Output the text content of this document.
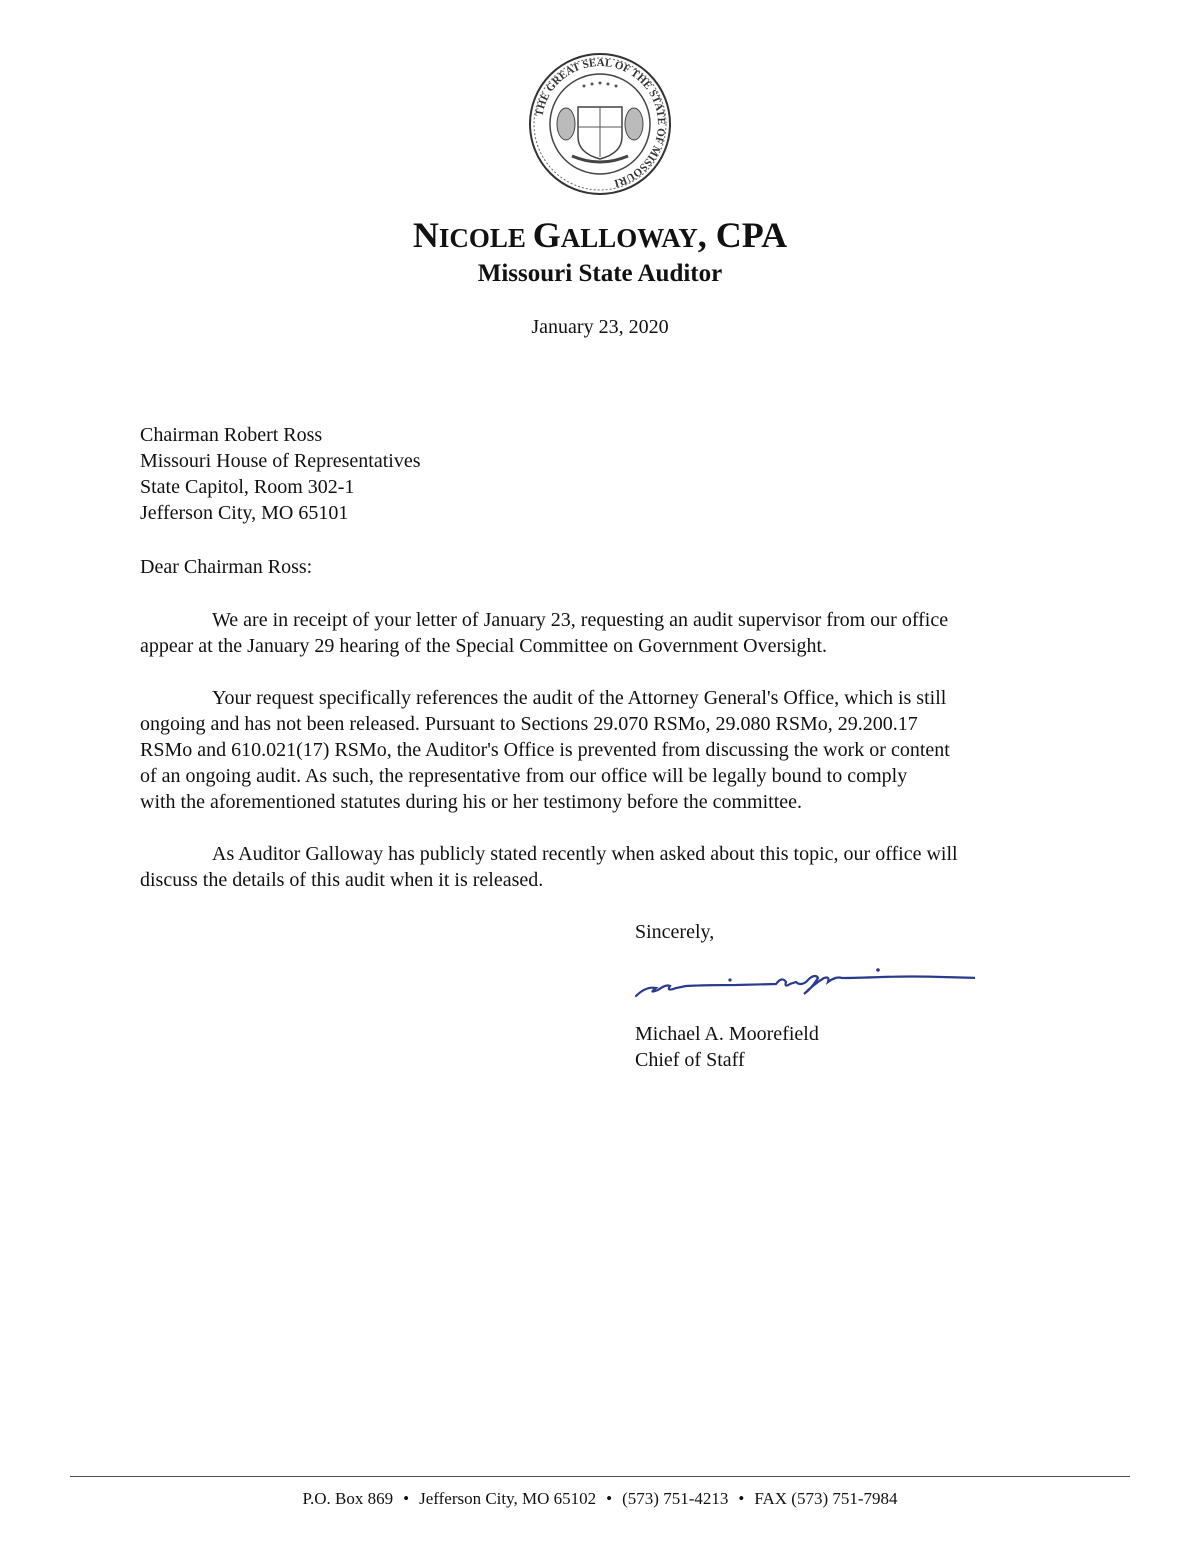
THE GREAT SEAL OF THE STATE OF MISSOURI
NICOLE GALLOWAY, CPA
Missouri State Auditor
January 23, 2020
Chairman Robert Ross
Missouri House of Representatives
State Capitol, Room 302-1
Jefferson City, MO 65101
Dear Chairman Ross:
We are in receipt of your letter of January 23, requesting an audit supervisor from our office
appear at the January 29 hearing of the Special Committee on Government Oversight.
Your request specifically references the audit of the Attorney General's Office, which is still
ongoing and has not been released. Pursuant to Sections 29.070 RSMo, 29.080 RSMo, 29.200.17
RSMo and 610.021(17) RSMo, the Auditor's Office is prevented from discussing the work or content
of an ongoing audit. As such, the representative from our office will be legally bound to comply
with the aforementioned statutes during his or her testimony before the committee.
As Auditor Galloway has publicly stated recently when asked about this topic, our office will
discuss the details of this audit when it is released.
Sincerely,
Michael A. Moorefield
Chief of Staff
P.O. Box 869 • Jefferson City, MO 65102 • (573) 751-4213 • FAX (573) 751-7984
